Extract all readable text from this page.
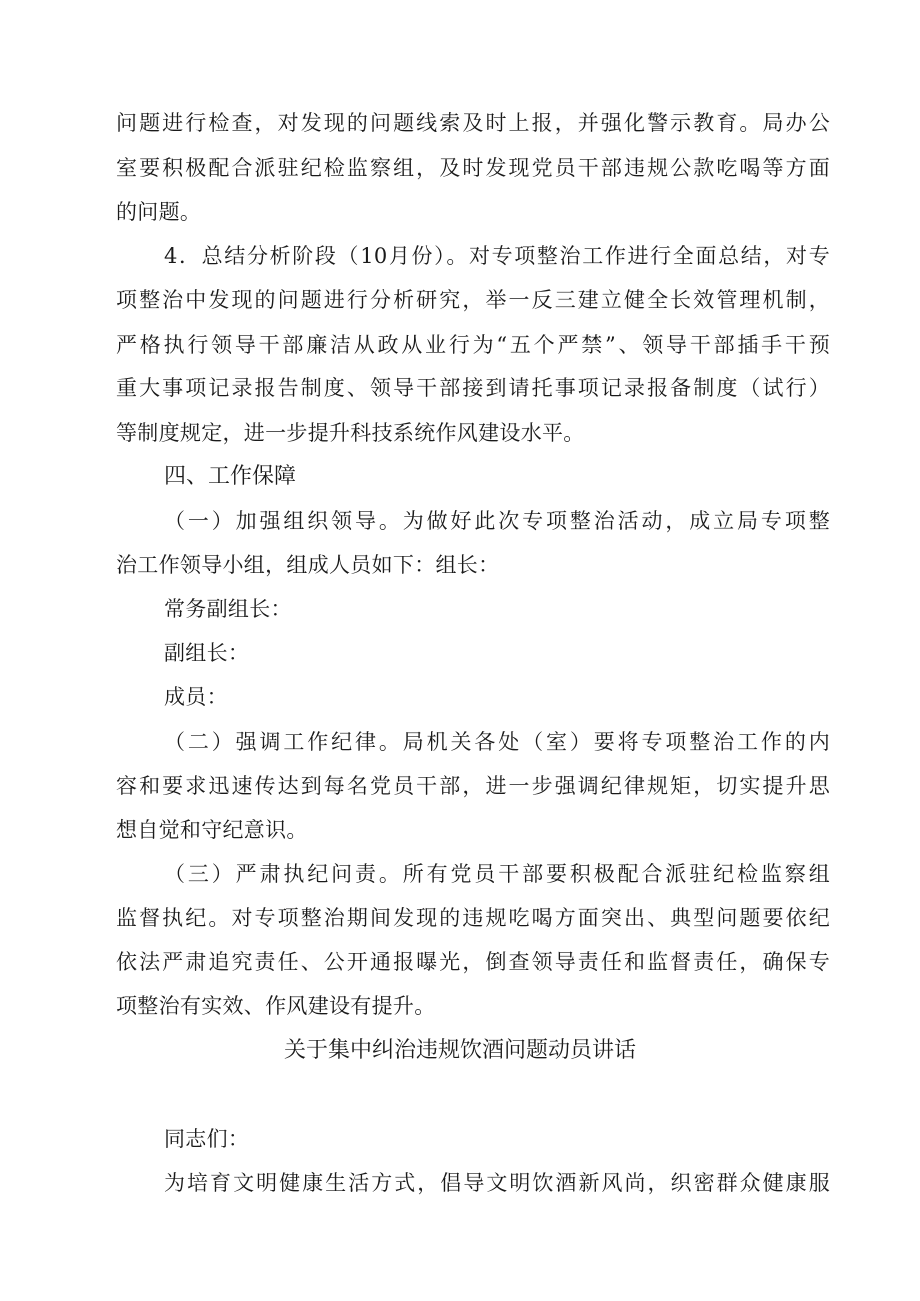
问题进行检查，对发现的问题线索及时上报，并强化警示教育。局办公
室要积极配合派驻纪检监察组，及时发现党员干部违规公款吃喝等方面
的问题。
4．总结分析阶段（10月份）。对专项整治工作进行全面总结，对专
项整治中发现的问题进行分析研究，举一反三建立健全长效管理机制，
严格执行领导干部廉洁从政从业行为“五个严禁”、领导干部插手干预
重大事项记录报告制度、领导干部接到请托事项记录报备制度（试行）
等制度规定，进一步提升科技系统作风建设水平。
四、工作保障
（一）加强组织领导。为做好此次专项整治活动，成立局专项整
治工作领导小组，组成人员如下：组长：
常务副组长：
副组长：
成员：
（二）强调工作纪律。局机关各处（室）要将专项整治工作的内
容和要求迅速传达到每名党员干部，进一步强调纪律规矩，切实提升思
想自觉和守纪意识。
（三）严肃执纪问责。所有党员干部要积极配合派驻纪检监察组
监督执纪。对专项整治期间发现的违规吃喝方面突出、典型问题要依纪
依法严肃追究责任、公开通报曝光，倒查领导责任和监督责任，确保专
项整治有实效、作风建设有提升。
关于集中纠治违规饮酒问题动员讲话
同志们：
为培育文明健康生活方式，倡导文明饮酒新风尚，织密群众健康服
